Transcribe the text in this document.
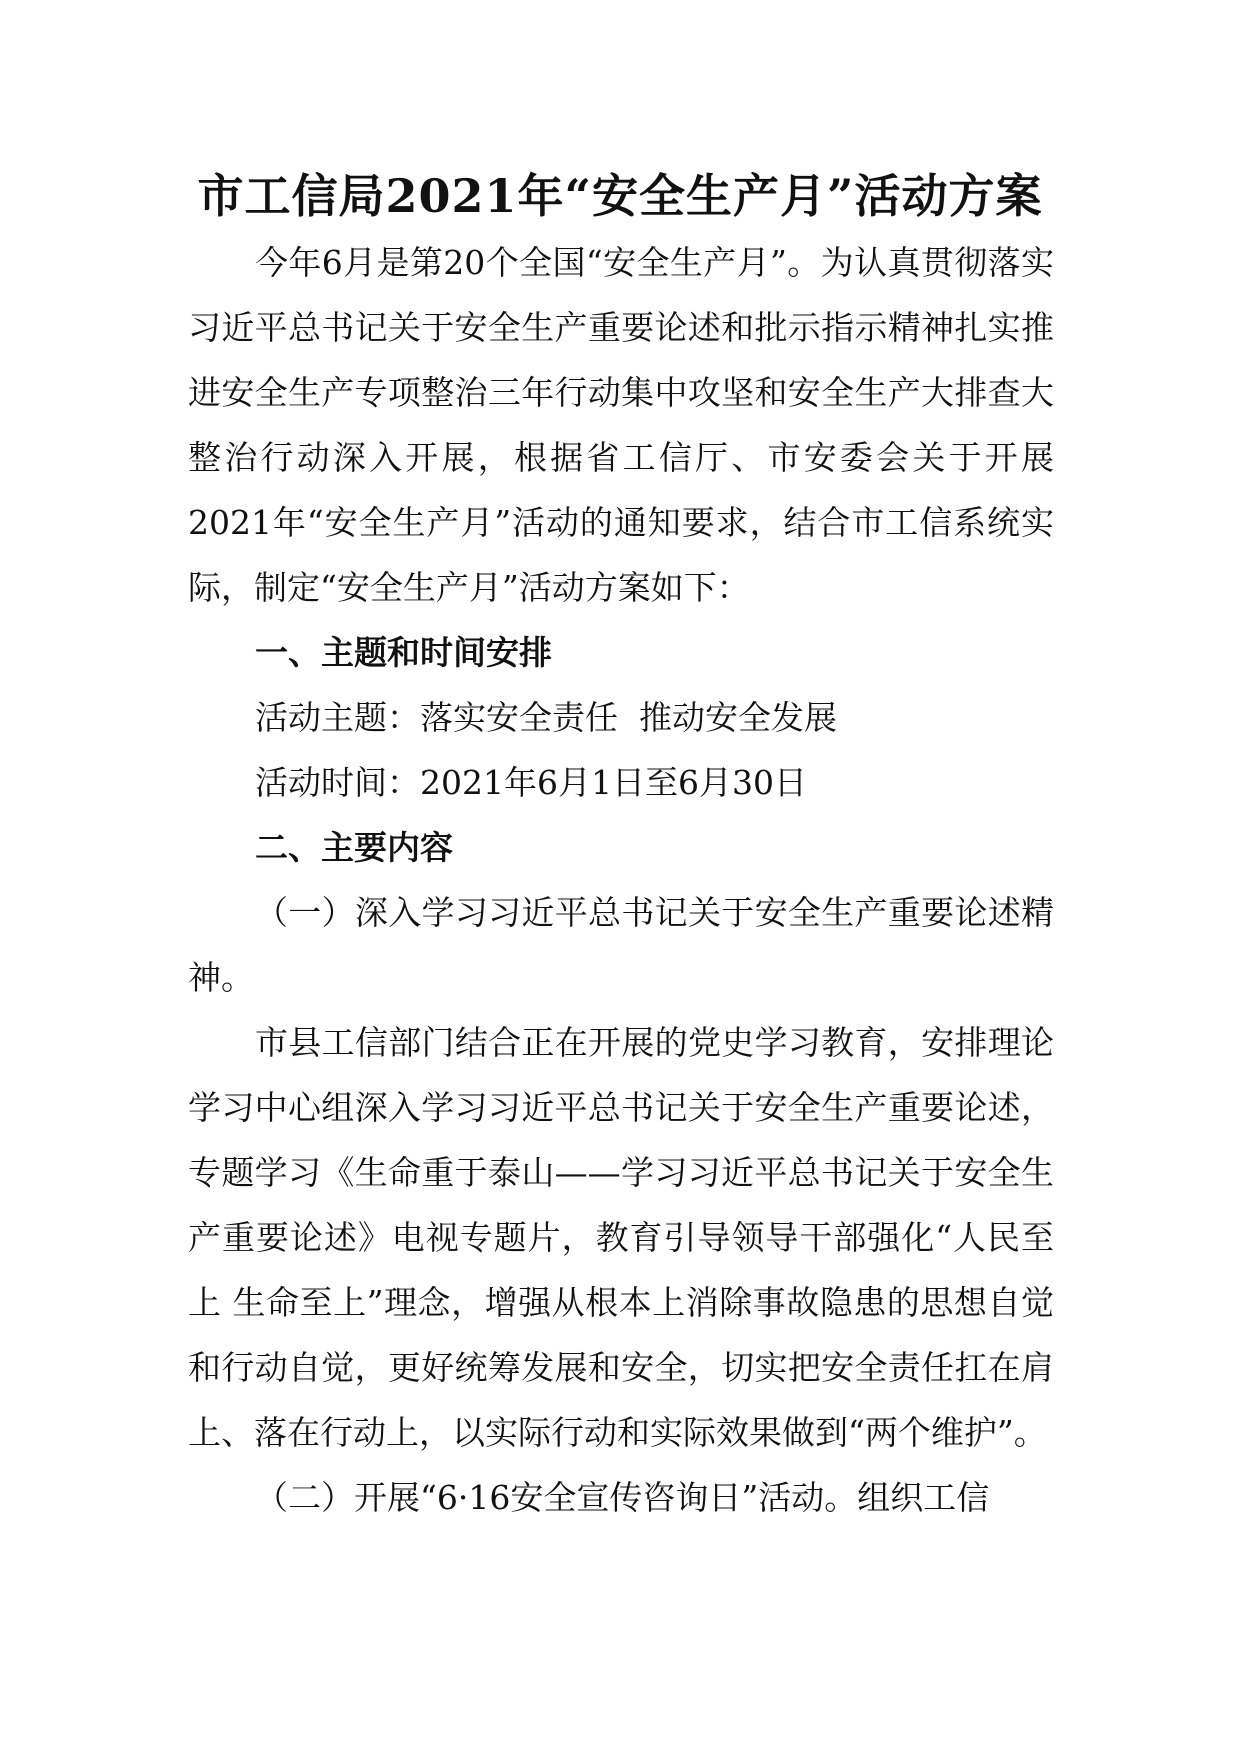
市工信局2021年“安全生产月”活动方案

今年6月是第20个全国“安全生产月”。为认真贯彻落实习近平总书记关于安全生产重要论述和批示指示精神扎实推进安全生产专项整治三年行动集中攻坚和安全生产大排查大整治行动深入开展，根据省工信厅、市安委会关于开展2021年“安全生产月”活动的通知要求，结合市工信系统实际，制定“安全生产月”活动方案如下：

一、主题和时间安排

活动主题：落实安全责任  推动安全发展

活动时间：2021年6月1日至6月30日

二、主要内容

（一）深入学习习近平总书记关于安全生产重要论述精神。

市县工信部门结合正在开展的党史学习教育，安排理论学习中心组深入学习习近平总书记关于安全生产重要论述，专题学习《生命重于泰山——学习习近平总书记关于安全生产重要论述》电视专题片，教育引导领导干部强化“人民至上 生命至上”理念，增强从根本上消除事故隐患的思想自觉和行动自觉，更好统筹发展和安全，切实把安全责任扛在肩上、落在行动上，以实际行动和实际效果做到“两个维护”。

（二）开展“6·16安全宣传咨询日”活动。组织工信
